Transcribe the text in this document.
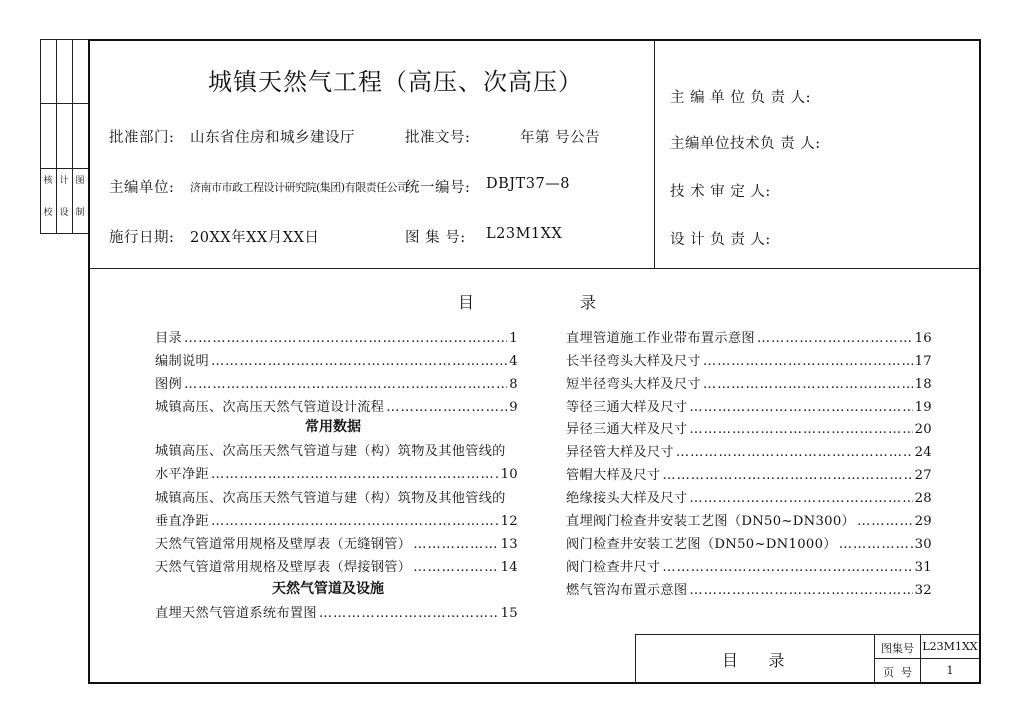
核
校
计
设
图
制
城镇天然气工程（高压、次高压）
批准部门: 山东省住房和城乡建设厅	批准文号:	年第 号公告
主编单位: 济南市市政工程设计研究院(集团)有限责任公司
统一编号: DBJT37—8
施行日期: 20XX年XX月XX日	图 集 号: L23M1XX
主 编 单 位 负 责 人:
主编单位技术负 责 人:
技 术 审 定 人:
设 计 负 责 人:
目	录
目录 ……………………………………………………………………………………………………………………	1
编制说明 ……………………………………………………………………………………………………………………	4
图例 ……………………………………………………………………………………………………………………	8
城镇高压、次高压天然气管道设计流程 ……………………………………………………………………………………………………………………	9
常用数据
城镇高压、次高压天然气管道与建（构）筑物及其他管线的
水平净距 ……………………………………………………………………………………………………………………	10
城镇高压、次高压天然气管道与建（构）筑物及其他管线的
垂直净距 ……………………………………………………………………………………………………………………	12
天然气管道常用规格及壁厚表（无缝钢管） ……………………………………………………………………………………………………………………	13
天然气管道常用规格及壁厚表（焊接钢管） ……………………………………………………………………………………………………………………	14
天然气管道及设施
直埋天然气管道系统布置图 ……………………………………………………………………………………………………………………	15
直埋管道施工作业带布置示意图 ……………………………………………………………………………………………………………………	16
长半径弯头大样及尺寸 ……………………………………………………………………………………………………………………	17
短半径弯头大样及尺寸 ……………………………………………………………………………………………………………………	18
等径三通大样及尺寸 ……………………………………………………………………………………………………………………	19
异径三通大样及尺寸 ……………………………………………………………………………………………………………………	20
异径管大样及尺寸 ……………………………………………………………………………………………………………………	24
管帽大样及尺寸 ……………………………………………………………………………………………………………………	27
绝缘接头大样及尺寸 ……………………………………………………………………………………………………………………	28
直埋阀门检查井安装工艺图（DN50~DN300） ……………………………………………………………………………………………………………………	29
阀门检查井安装工艺图（DN50~DN1000） ……………………………………………………………………………………………………………………	30
阀门检查井尺寸 ……………………………………………………………………………………………………………………	31
燃气管沟布置示意图 ……………………………………………………………………………………………………………………	32
目      录
图集号 L23M1XX
页  号	1
